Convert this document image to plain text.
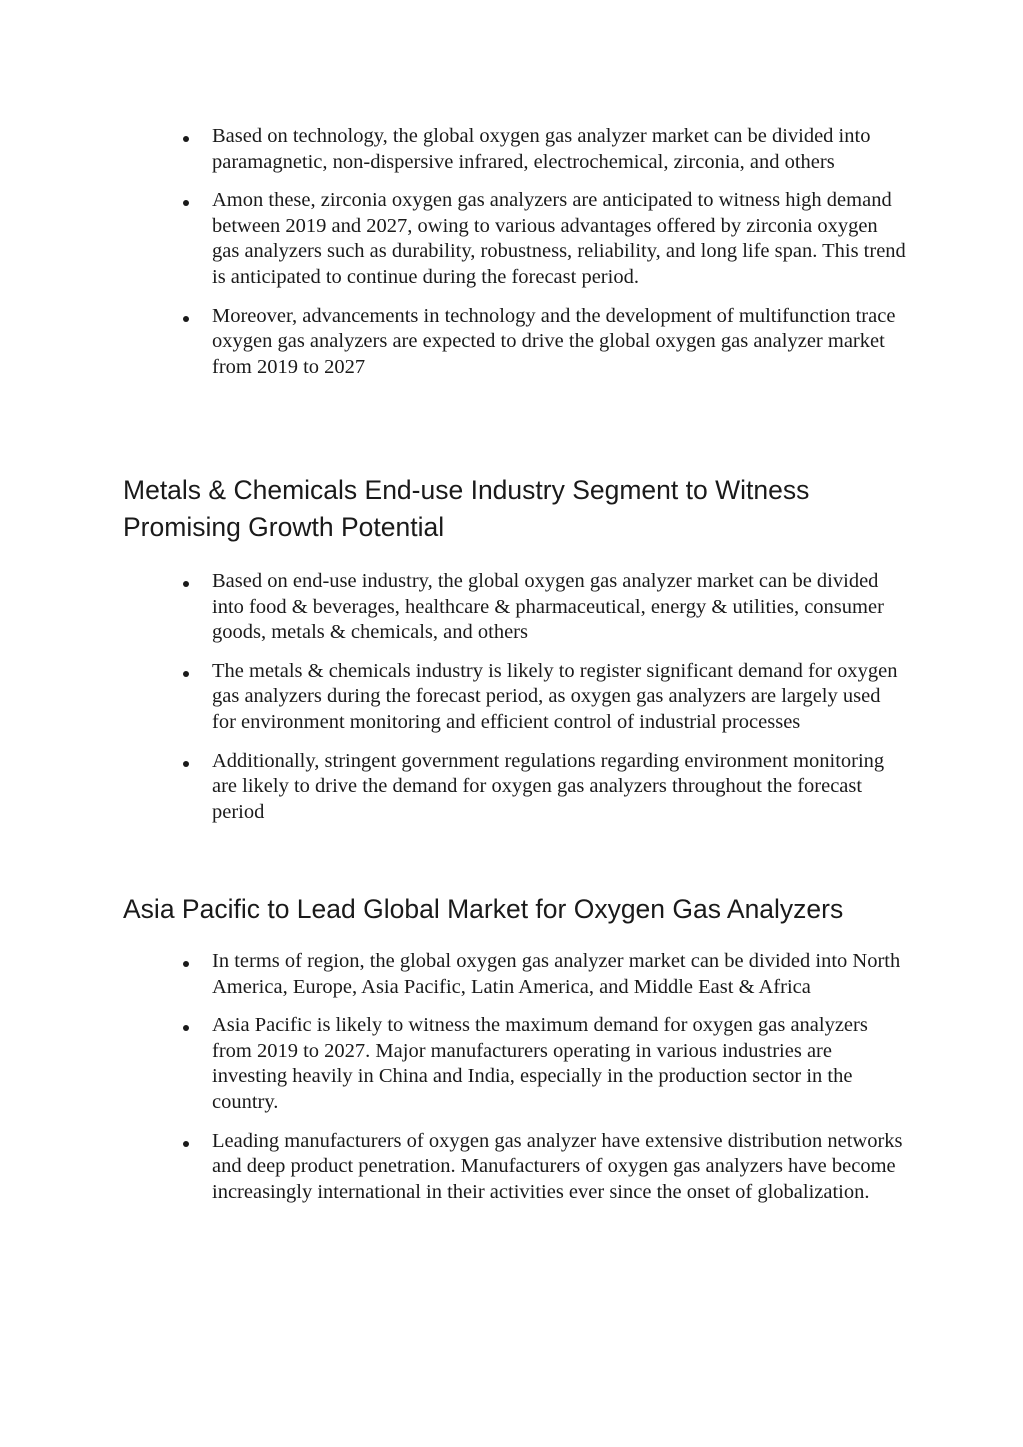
Based on technology, the global oxygen gas analyzer market can be divided into paramagnetic, non-dispersive infrared, electrochemical, zirconia, and others
Amon these, zirconia oxygen gas analyzers are anticipated to witness high demand between 2019 and 2027, owing to various advantages offered by zirconia oxygen gas analyzers such as durability, robustness, reliability, and long life span. This trend is anticipated to continue during the forecast period.
Moreover, advancements in technology and the development of multifunction trace oxygen gas analyzers are expected to drive the global oxygen gas analyzer market from 2019 to 2027
Metals & Chemicals End-use Industry Segment to Witness Promising Growth Potential
Based on end-use industry, the global oxygen gas analyzer market can be divided into food & beverages, healthcare & pharmaceutical, energy & utilities, consumer goods, metals & chemicals, and others
The metals & chemicals industry is likely to register significant demand for oxygen gas analyzers during the forecast period, as oxygen gas analyzers are largely used for environment monitoring and efficient control of industrial processes
Additionally, stringent government regulations regarding environment monitoring are likely to drive the demand for oxygen gas analyzers throughout the forecast period
Asia Pacific to Lead Global Market for Oxygen Gas Analyzers
In terms of region, the global oxygen gas analyzer market can be divided into North America, Europe, Asia Pacific, Latin America, and Middle East & Africa
Asia Pacific is likely to witness the maximum demand for oxygen gas analyzers from 2019 to 2027. Major manufacturers operating in various industries are investing heavily in China and India, especially in the production sector in the country.
Leading manufacturers of oxygen gas analyzer have extensive distribution networks and deep product penetration. Manufacturers of oxygen gas analyzers have become increasingly international in their activities ever since the onset of globalization.
